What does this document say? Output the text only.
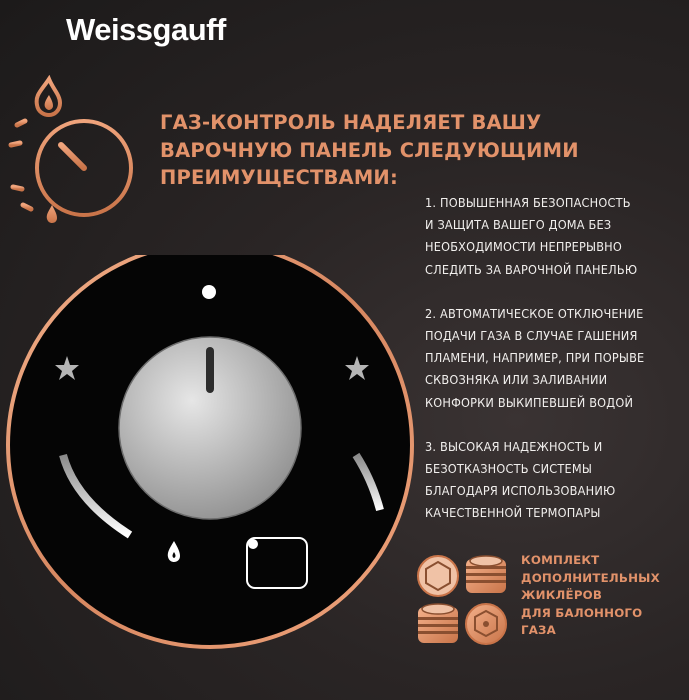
Weissgauff
ГАЗ-КОНТРОЛЬ НАДЕЛЯЕТ ВАШУ
ВАРОЧНУЮ ПАНЕЛЬ СЛЕДУЮЩИМИ
ПРЕИМУЩЕСТВАМИ:
1. ПОВЫШЕННАЯ БЕЗОПАСНОСТЬ
И ЗАЩИТА ВАШЕГО ДОМА БЕЗ
НЕОБХОДИМОСТИ НЕПРЕРЫВНО
СЛЕДИТЬ ЗА ВАРОЧНОЙ ПАНЕЛЬЮ
2. АВТОМАТИЧЕСКОЕ ОТКЛЮЧЕНИЕ
ПОДАЧИ ГАЗА В СЛУЧАЕ ГАШЕНИЯ
ПЛАМЕНИ, НАПРИМЕР, ПРИ ПОРЫВЕ
СКВОЗНЯКА ИЛИ ЗАЛИВАНИИ
КОНФОРКИ ВЫКИПЕВШЕЙ ВОДОЙ
3. ВЫСОКАЯ НАДЕЖНОСТЬ И
БЕЗОТКАЗНОСТЬ СИСТЕМЫ
БЛАГОДАРЯ ИСПОЛЬЗОВАНИЮ
КАЧЕСТВЕННОЙ ТЕРМОПАРЫ
КОМПЛЕКТ
ДОПОЛНИТЕЛЬНЫХ
ЖИКЛЁРОВ
ДЛЯ БАЛОННОГО
ГАЗА
